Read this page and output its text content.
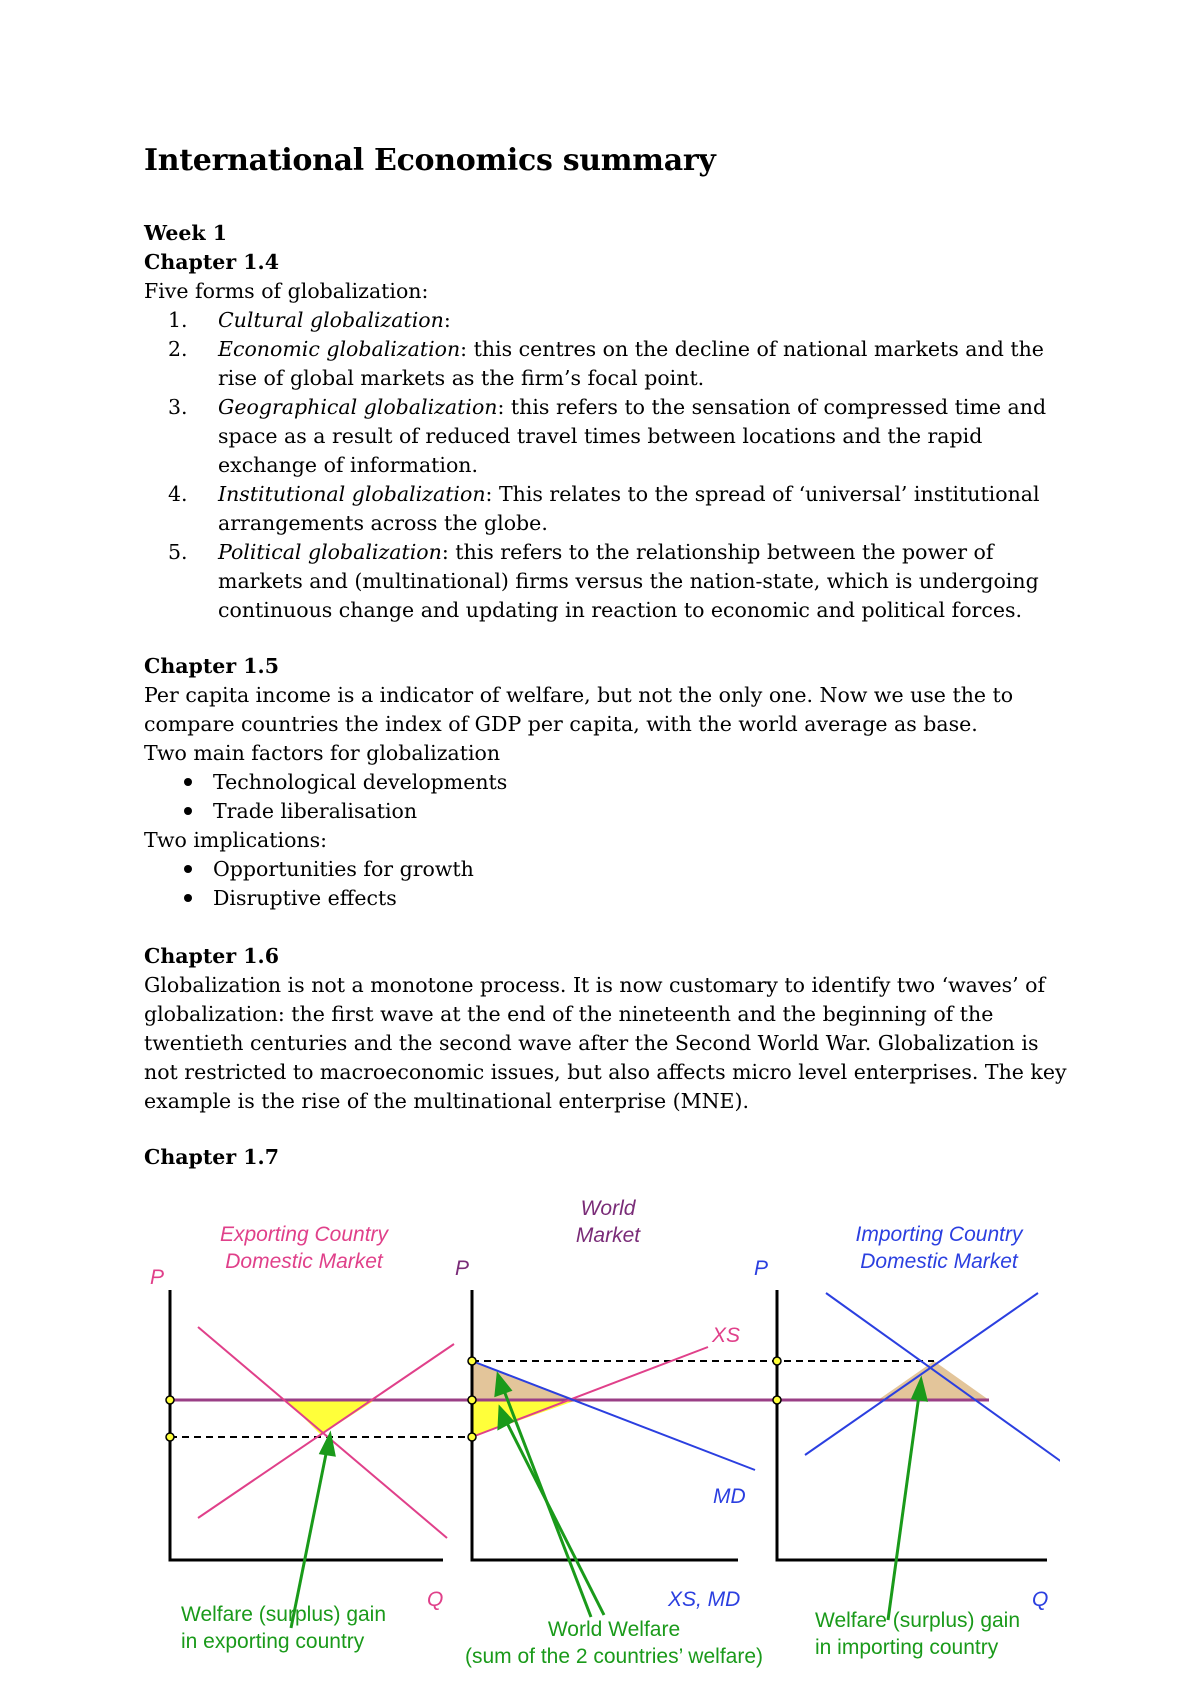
International Economics summary
Week 1
Chapter 1.4
Five forms of globalization:
1.	Cultural globalization:
2.	Economic globalization: this centres on the decline of national markets and the rise of global markets as the firm’s focal point.
3.	Geographical globalization: this refers to the sensation of compressed time and space as a result of reduced travel times between locations and the rapid exchange of information.
4.	Institutional globalization: This relates to the spread of ‘universal’ institutional arrangements across the globe.
5.	Political globalization: this refers to the relationship between the power of markets and (multinational) firms versus the nation-state, which is undergoing continuous change and updating in reaction to economic and political forces.
Chapter 1.5
Per capita income is a indicator of welfare, but not the only one. Now we use the to compare countries the index of GDP per capita, with the world average as base.
Two main factors for globalization
Technological developments
Trade liberalisation
Two implications:
Opportunities for growth
Disruptive effects
Chapter 1.6
Globalization is not a monotone process. It is now customary to identify two ‘waves’ of globalization: the first wave at the end of the nineteenth and the beginning of the twentieth centuries and the second wave after the Second World War. Globalization is not restricted to macroeconomic issues, but also affects micro level enterprises. The key example is the rise of the multinational enterprise (MNE).
Chapter 1.7
Exporting Country
Domestic Market
World
Market	Importing Country
Domestic Market
P	P	P
Q	XS, MD	Q
XS
MD
Welfare (surplus) gain
in exporting country
World Welfare
(sum of the 2 countries’ welfare)
Welfare (surplus) gain
in importing country
